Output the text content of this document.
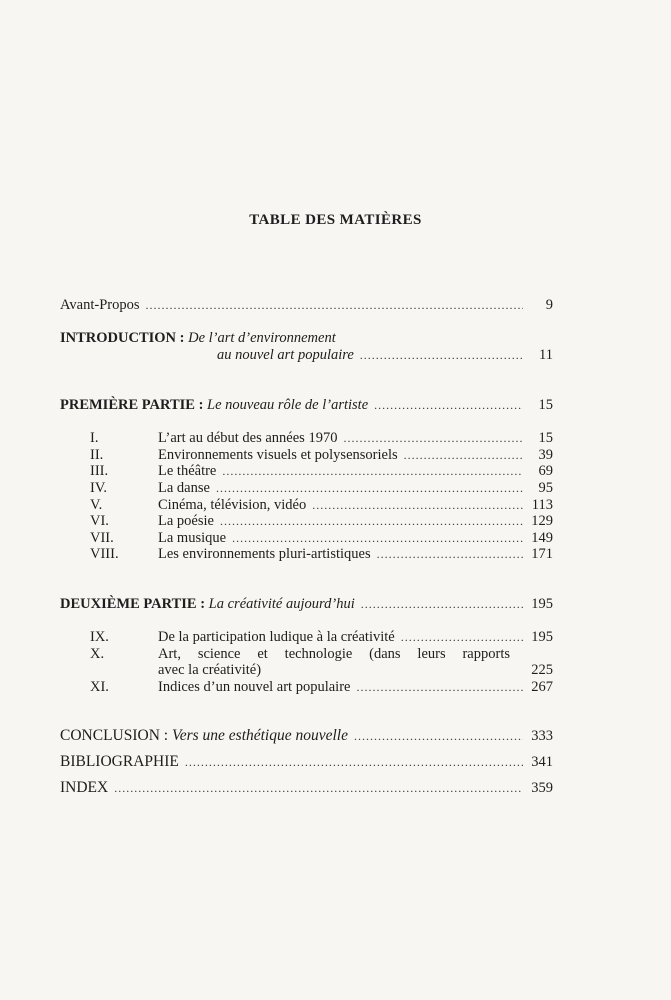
TABLE DES MATIÈRES
Avant-Propos . . .	9
INTRODUCTION : De l’art d’environnement
au nouvel art populaire . . .	11
PREMIÈRE PARTIE : Le nouveau rôle de l’artiste . . .	15
I.	L’art au début des années 1970 . . .	15
II.	Environnements visuels et polysensoriels . . .	39
III.	Le théâtre . . .	69
IV.	La danse . . .	95
V.	Cinéma, télévision, vidéo . . .	113
VI.	La poésie . . .	129
VII.	La musique . . .	149
VIII.	Les environnements pluri-artistiques . . .	171
DEUXIÈME PARTIE : La créativité aujourd’hui . . .	195
IX.	De la participation ludique à la créativité . . .	195
X.	Art, science et technologie (dans leurs rapports
avec la créativité)	225
XI.	Indices d’un nouvel art populaire . . .	267
CONCLUSION : Vers une esthétique nouvelle . . .	333
BIBLIOGRAPHIE . . .	341
INDEX . . .	359
